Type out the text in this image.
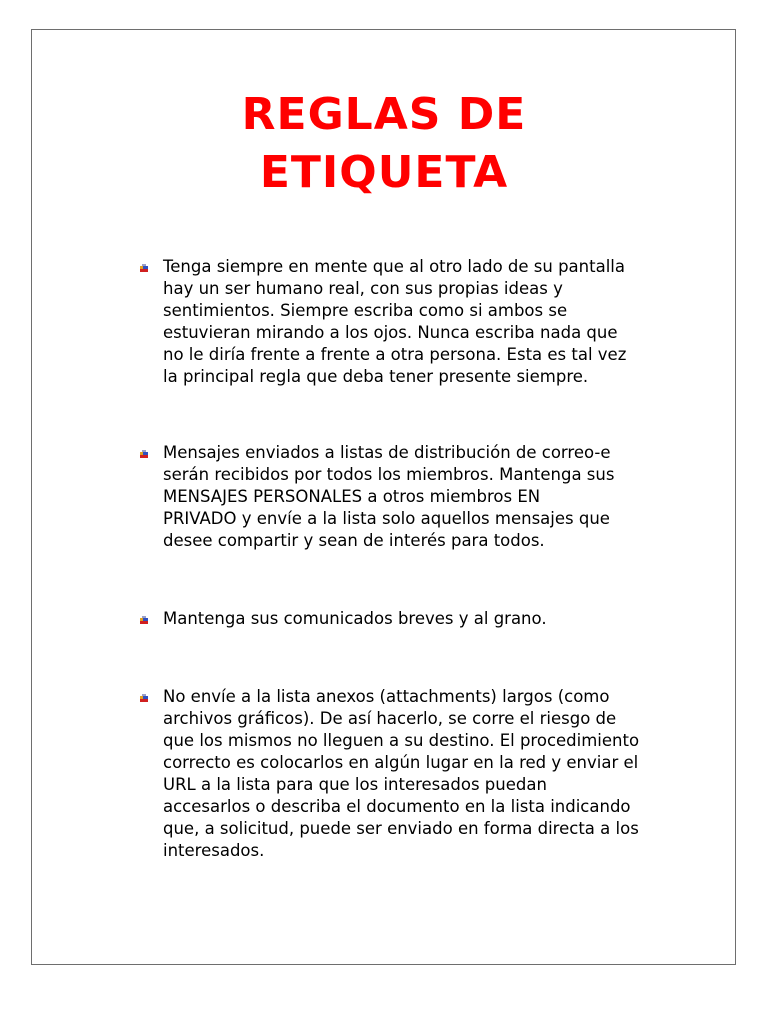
REGLAS DE
ETIQUETA
Tenga siempre en mente que al otro lado de su pantalla
hay un ser humano real, con sus propias ideas y
sentimientos. Siempre escriba como si ambos se
estuvieran mirando a los ojos. Nunca escriba nada que
no le diría frente a frente a otra persona. Esta es tal vez
la principal regla que deba tener presente siempre.
Mensajes enviados a listas de distribución de correo-e
serán recibidos por todos los miembros. Mantenga sus
MENSAJES PERSONALES a otros miembros EN
PRIVADO y envíe a la lista solo aquellos mensajes que
desee compartir y sean de interés para todos.
Mantenga sus comunicados breves y al grano.
No envíe a la lista anexos (attachments) largos (como
archivos gráficos). De así hacerlo, se corre el riesgo de
que los mismos no lleguen a su destino. El procedimiento
correcto es colocarlos en algún lugar en la red y enviar el
URL a la lista para que los interesados puedan
accesarlos o describa el documento en la lista indicando
que, a solicitud, puede ser enviado en forma directa a los
interesados.
